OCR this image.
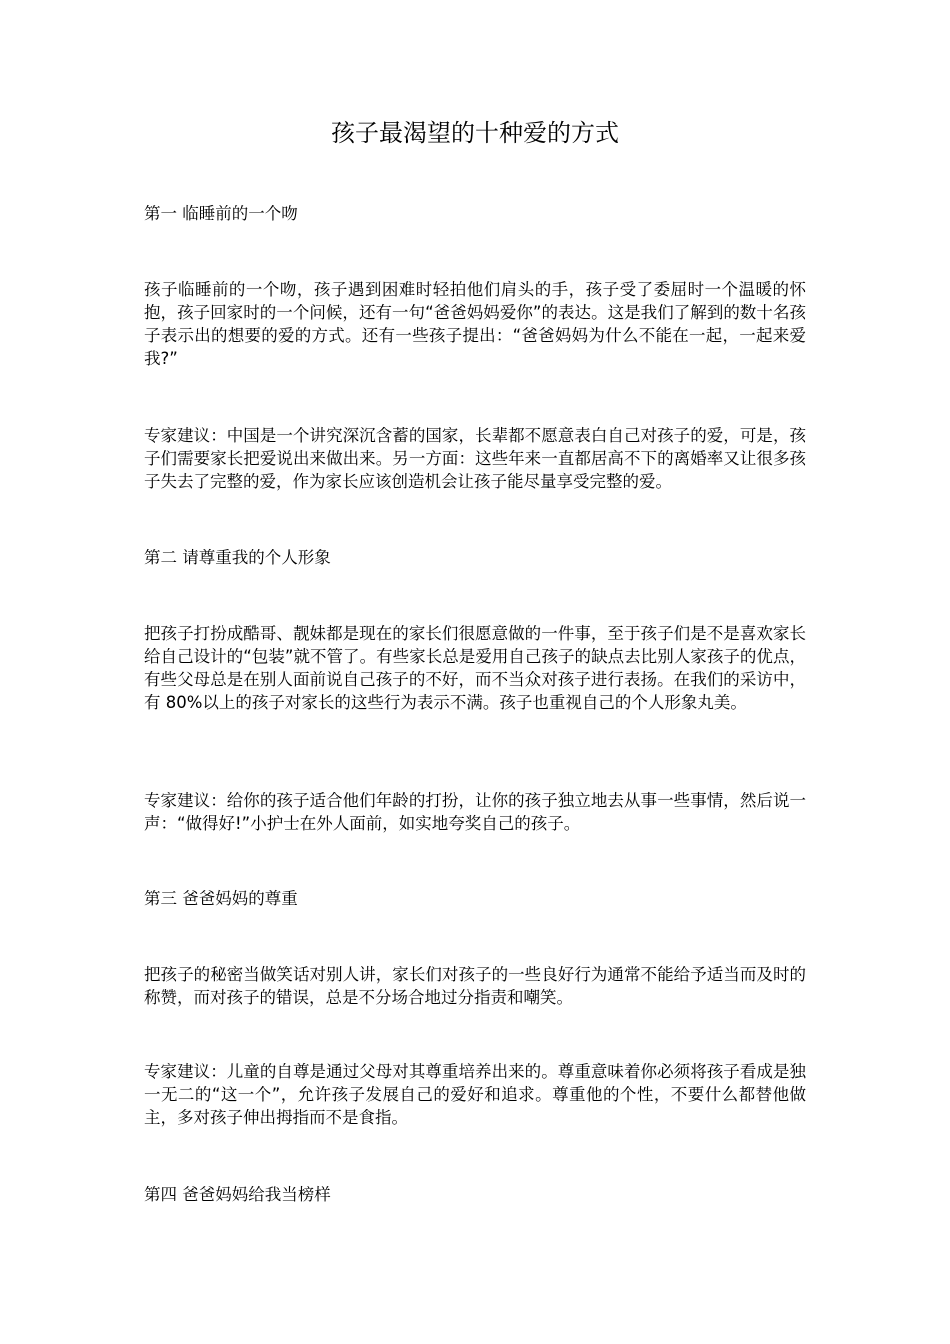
孩子最渴望的十种爱的方式
第一 临睡前的一个吻
孩子临睡前的一个吻，孩子遇到困难时轻拍他们肩头的手，孩子受了委屈时一个温暖的怀抱，孩子回家时的一个问候，还有一句“爸爸妈妈爱你”的表达。这是我们了解到的数十名孩子表示出的想要的爱的方式。还有一些孩子提出：“爸爸妈妈为什么不能在一起，一起来爱我?”
专家建议：中国是一个讲究深沉含蓄的国家，长辈都不愿意表白自己对孩子的爱，可是，孩子们需要家长把爱说出来做出来。另一方面：这些年来一直都居高不下的离婚率又让很多孩子失去了完整的爱，作为家长应该创造机会让孩子能尽量享受完整的爱。
第二 请尊重我的个人形象
把孩子打扮成酷哥、靓妹都是现在的家长们很愿意做的一件事，至于孩子们是不是喜欢家长给自己设计的“包装”就不管了。有些家长总是爱用自己孩子的缺点去比别人家孩子的优点，有些父母总是在别人面前说自己孩子的不好，而不当众对孩子进行表扬。在我们的采访中，有 80%以上的孩子对家长的这些行为表示不满。孩子也重视自己的个人形象丸美。
专家建议：给你的孩子适合他们年龄的打扮，让你的孩子独立地去从事一些事情，然后说一声：“做得好!”小护士在外人面前，如实地夸奖自己的孩子。
第三 爸爸妈妈的尊重
把孩子的秘密当做笑话对别人讲，家长们对孩子的一些良好行为通常不能给予适当而及时的称赞，而对孩子的错误，总是不分场合地过分指责和嘲笑。
专家建议：儿童的自尊是通过父母对其尊重培养出来的。尊重意味着你必须将孩子看成是独一无二的“这一个”，允许孩子发展自己的爱好和追求。尊重他的个性，不要什么都替他做主，多对孩子伸出拇指而不是食指。
第四 爸爸妈妈给我当榜样
